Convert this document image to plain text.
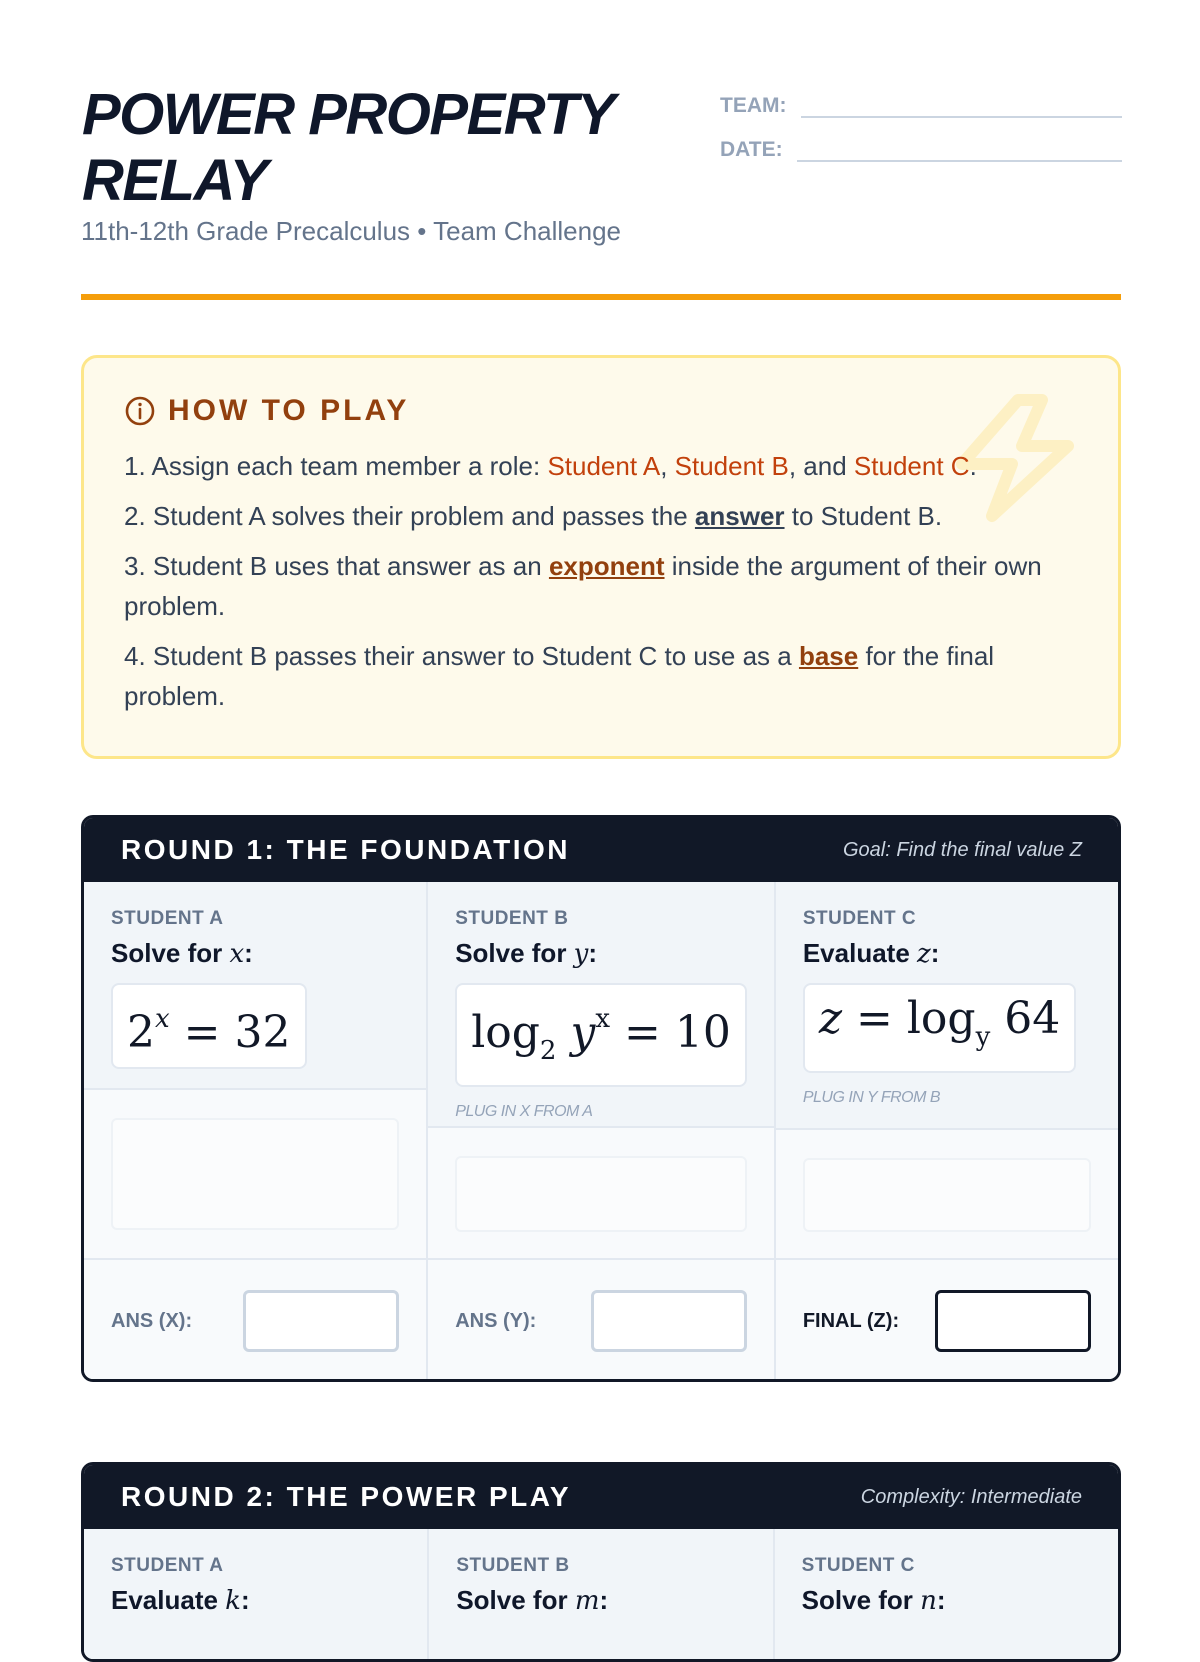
POWER PROPERTY RELAY
11th-12th Grade Precalculus • Team Challenge
TEAM:
DATE:
HOW TO PLAY

1. Assign each team member a role: Student A, Student B, and Student C.

2. Student A solves their problem and passes the answer to Student B.

3. Student B uses that answer as an exponent inside the argument of their own problem.

4. Student B passes their answer to Student C to use as a base for the final problem.

ROUND 1: THE FOUNDATION	Goal: Find the final value Z
STUDENT A
Solve for x:
$2^x = 32$
ANS (X):
STUDENT B
Solve for y:
$\log_2 y^x = 10$
PLUG IN X FROM A
ANS (Y):
STUDENT C
Evaluate z:
$z = \log_y 64$
PLUG IN Y FROM B
FINAL (Z):
ROUND 2: THE POWER PLAY	Complexity: Intermediate
STUDENT A
Evaluate k:
STUDENT B
Solve for m:
STUDENT C
Solve for n:
